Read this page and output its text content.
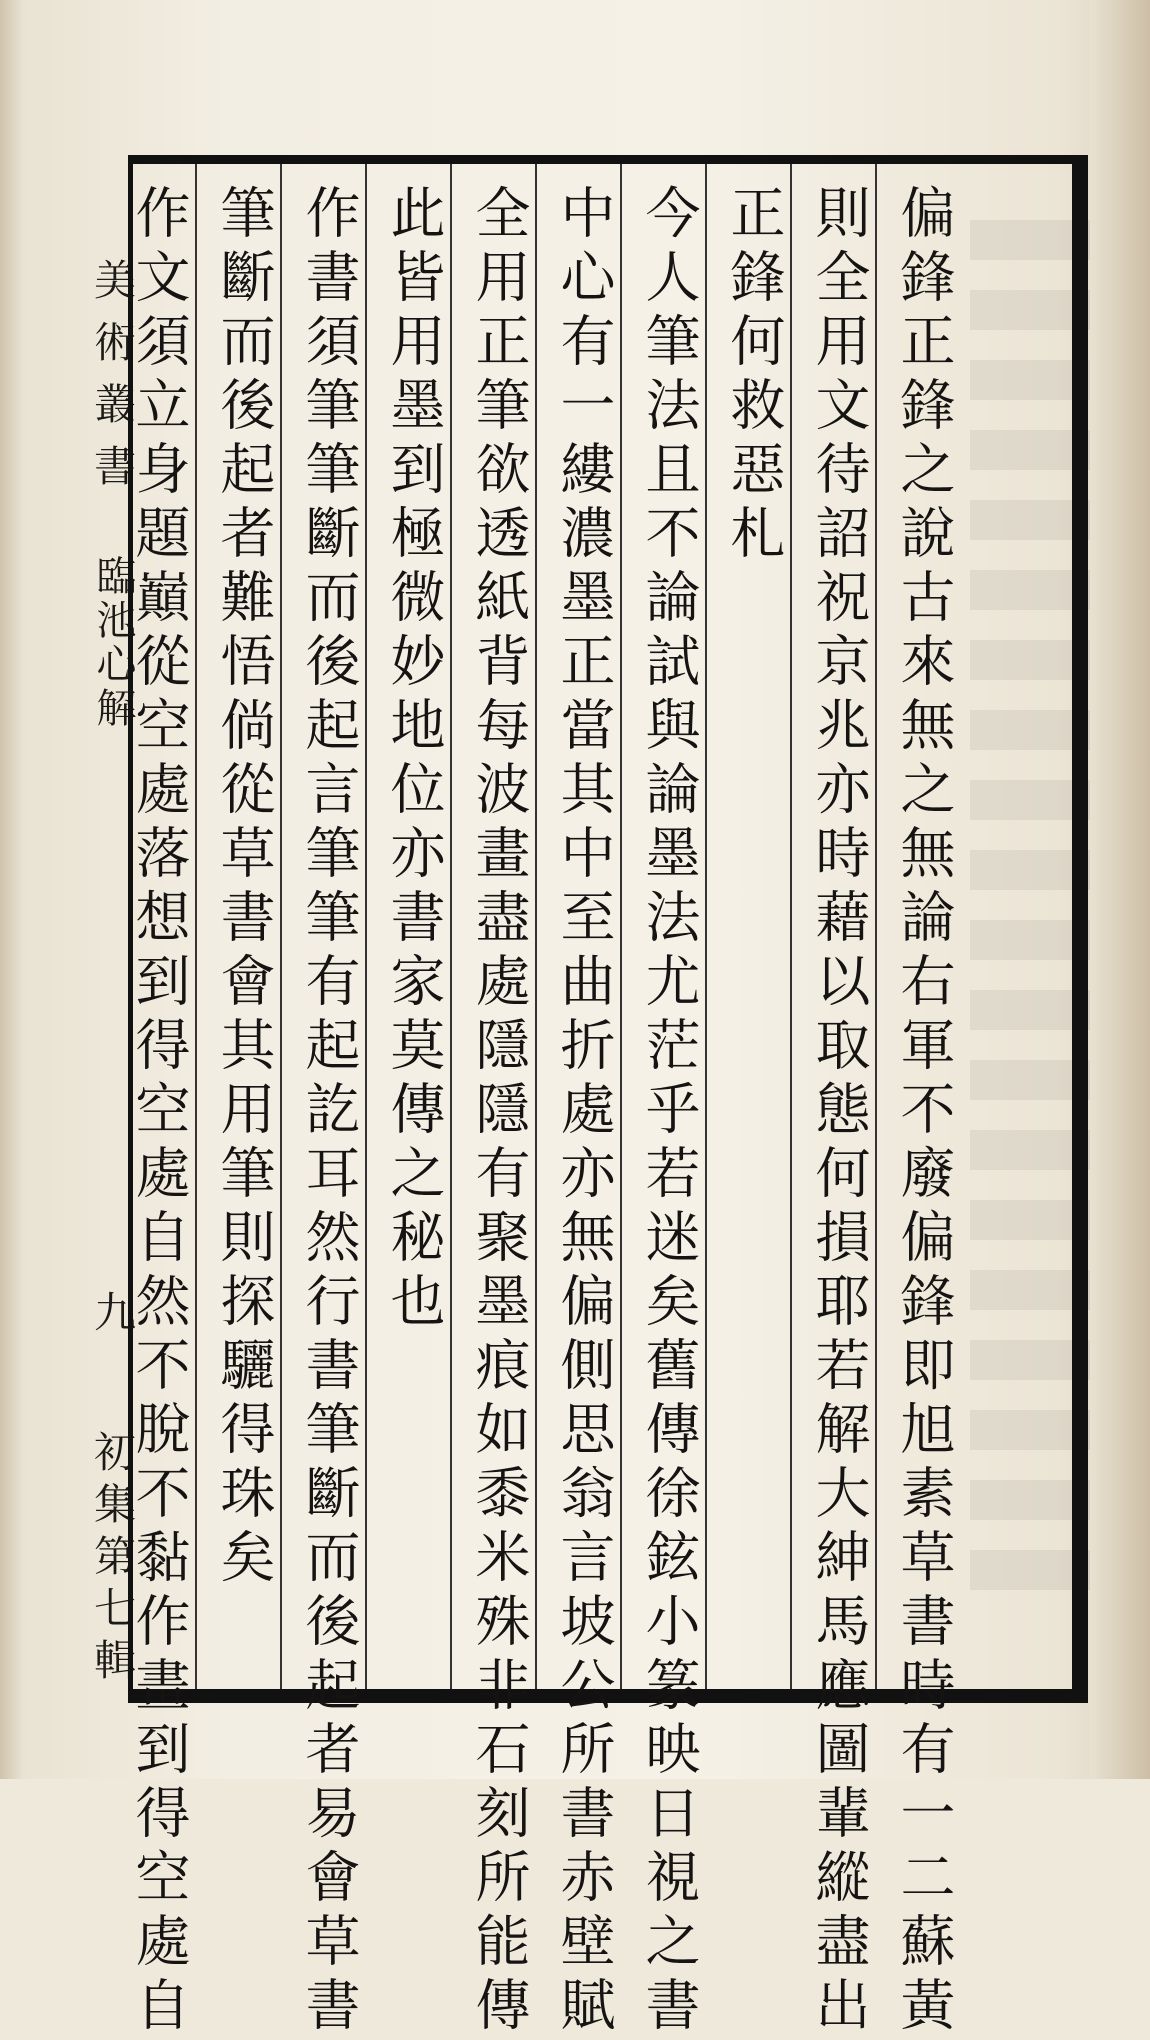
美術叢書
臨池心解
九
初集第七輯	偏鋒正鋒之說古來無之無論右軍不廢偏鋒即旭素草書時有一二蘇黃
則全用文待詔祝京兆亦時藉以取態何損耶若解大紳馬應圖輩縱盡出
正鋒何救惡札
今人筆法且不論試與論墨法尤茫乎若迷矣舊傳徐鉉小篆映日視之書
中心有一縷濃墨正當其中至曲折處亦無偏側思翁言坡公所書赤壁賦
全用正筆欲透紙背每波畫盡處隱隱有聚墨痕如黍米殊非石刻所能傳
此皆用墨到極微妙地位亦書家莫傳之秘也
作書須筆筆斷而後起言筆筆有起訖耳然行書筆斷而後起者易會草書
筆斷而後起者難悟倘從草書會其用筆則探驪得珠矣
作文須立身題巔從空處落想到得空處自然不脫不黏作畫到得空處自
